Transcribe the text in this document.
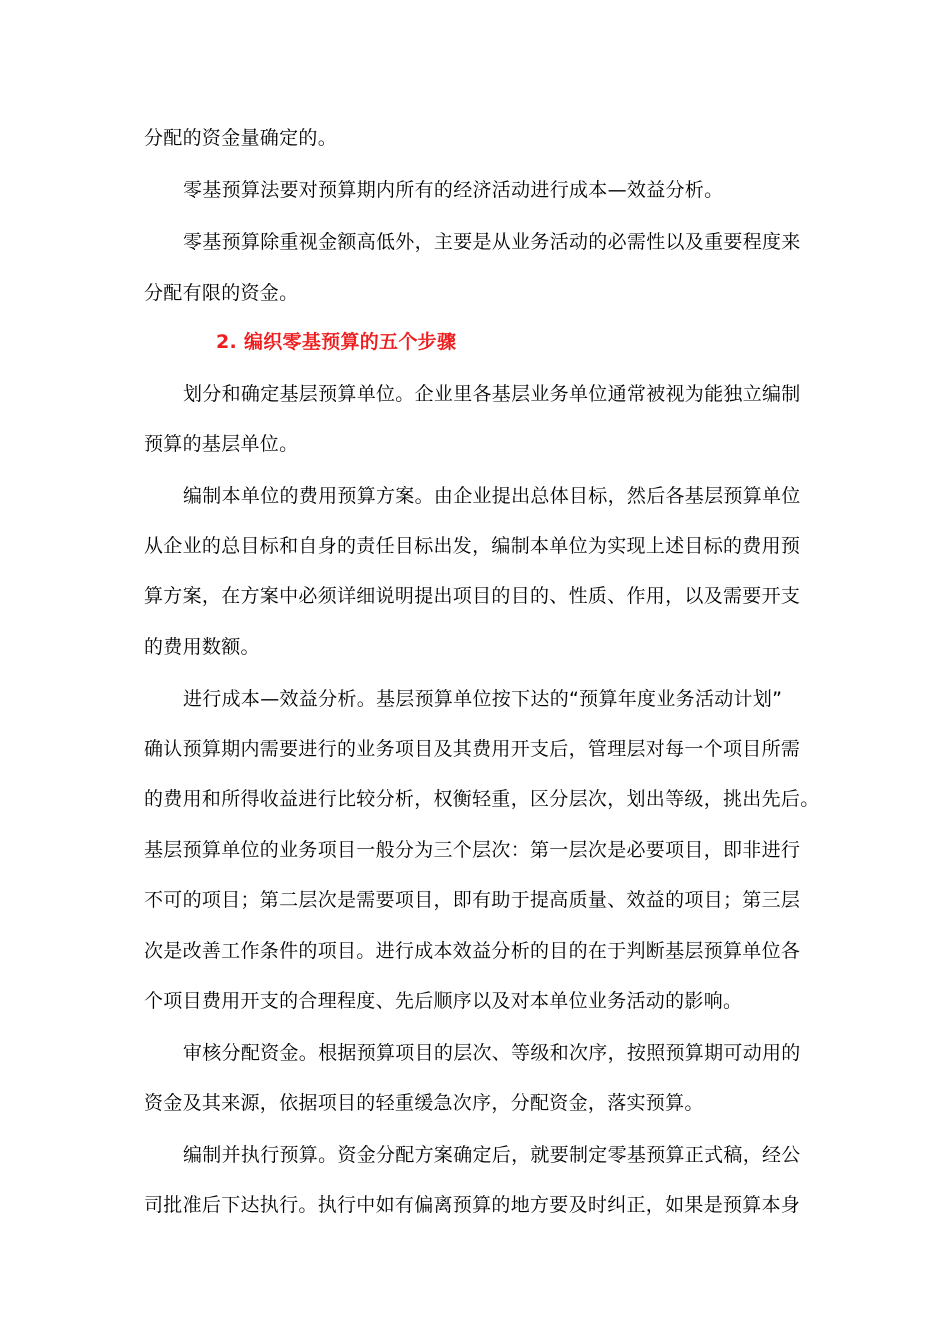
分配的资金量确定的。
零基预算法要对预算期内所有的经济活动进行成本—效益分析。
零基预算除重视金额高低外，主要是从业务活动的必需性以及重要程度来
分配有限的资金。
2. 编织零基预算的五个步骤
划分和确定基层预算单位。企业里各基层业务单位通常被视为能独立编制
预算的基层单位。
编制本单位的费用预算方案。由企业提出总体目标，然后各基层预算单位
从企业的总目标和自身的责任目标出发，编制本单位为实现上述目标的费用预
算方案，在方案中必须详细说明提出项目的目的、性质、作用，以及需要开支
的费用数额。
进行成本—效益分析。基层预算单位按下达的“预算年度业务活动计划”
确认预算期内需要进行的业务项目及其费用开支后，管理层对每一个项目所需
的费用和所得收益进行比较分析，权衡轻重，区分层次，划出等级，挑出先后。
基层预算单位的业务项目一般分为三个层次：第一层次是必要项目，即非进行
不可的项目；第二层次是需要项目，即有助于提高质量、效益的项目；第三层
次是改善工作条件的项目。进行成本效益分析的目的在于判断基层预算单位各
个项目费用开支的合理程度、先后顺序以及对本单位业务活动的影响。
审核分配资金。根据预算项目的层次、等级和次序，按照预算期可动用的
资金及其来源，依据项目的轻重缓急次序，分配资金，落实预算。
编制并执行预算。资金分配方案确定后，就要制定零基预算正式稿，经公
司批准后下达执行。执行中如有偏离预算的地方要及时纠正，如果是预算本身
